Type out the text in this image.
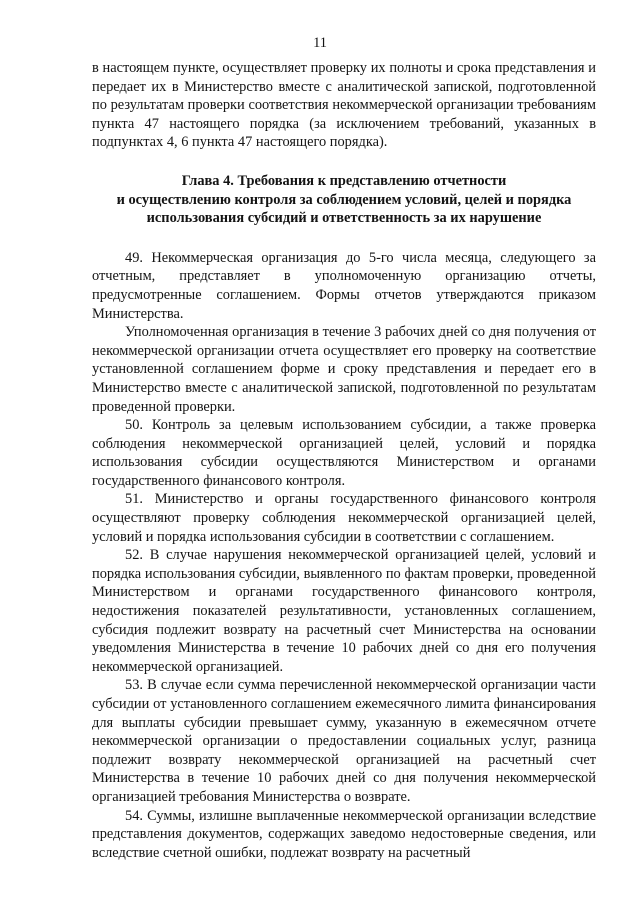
11

в настоящем пункте, осуществляет проверку их полноты и срока представления и передает их в Министерство вместе с аналитической запиской, подготовленной по результатам проверки соответствия некоммерческой организации требованиям пункта 47 настоящего порядка (за исключением требований, указанных в подпунктах 4, 6 пункта 47 настоящего порядка).

Глава 4. Требования к представлению отчетности
и осуществлению контроля за соблюдением условий, целей и порядка
использования субсидий и ответственность за их нарушение

49. Некоммерческая организация до 5-го числа месяца, следующего за отчетным, представляет в уполномоченную организацию отчеты, предусмотренные соглашением. Формы отчетов утверждаются приказом Министерства.

Уполномоченная организация в течение 3 рабочих дней со дня получения от некоммерческой организации отчета осуществляет его проверку на соответствие установленной соглашением форме и сроку представления и передает его в Министерство вместе с аналитической запиской, подготовленной по результатам проведенной проверки.

50. Контроль за целевым использованием субсидии, а также проверка соблюдения некоммерческой организацией целей, условий и порядка использования субсидии осуществляются Министерством и органами государственного финансового контроля.

51. Министерство и органы государственного финансового контроля осуществляют проверку соблюдения некоммерческой организацией целей, условий и порядка использования субсидии в соответствии с соглашением.

52. В случае нарушения некоммерческой организацией целей, условий и порядка использования субсидии, выявленного по фактам проверки, проведенной Министерством и органами государственного финансового контроля, недостижения показателей результативности, установленных соглашением, субсидия подлежит возврату на расчетный счет Министерства на основании уведомления Министерства в течение 10 рабочих дней со дня его получения некоммерческой организацией.

53. В случае если сумма перечисленной некоммерческой организации части субсидии от установленного соглашением ежемесячного лимита финансирования для выплаты субсидии превышает сумму, указанную в ежемесячном отчете некоммерческой организации о предоставлении социальных услуг, разница подлежит возврату некоммерческой организацией на расчетный счет Министерства в течение 10 рабочих дней со дня получения некоммерческой организацией требования Министерства о возврате.

54. Суммы, излишне выплаченные некоммерческой организации вследствие представления документов, содержащих заведомо недостоверные сведения, или вследствие счетной ошибки, подлежат возврату на расчетный
